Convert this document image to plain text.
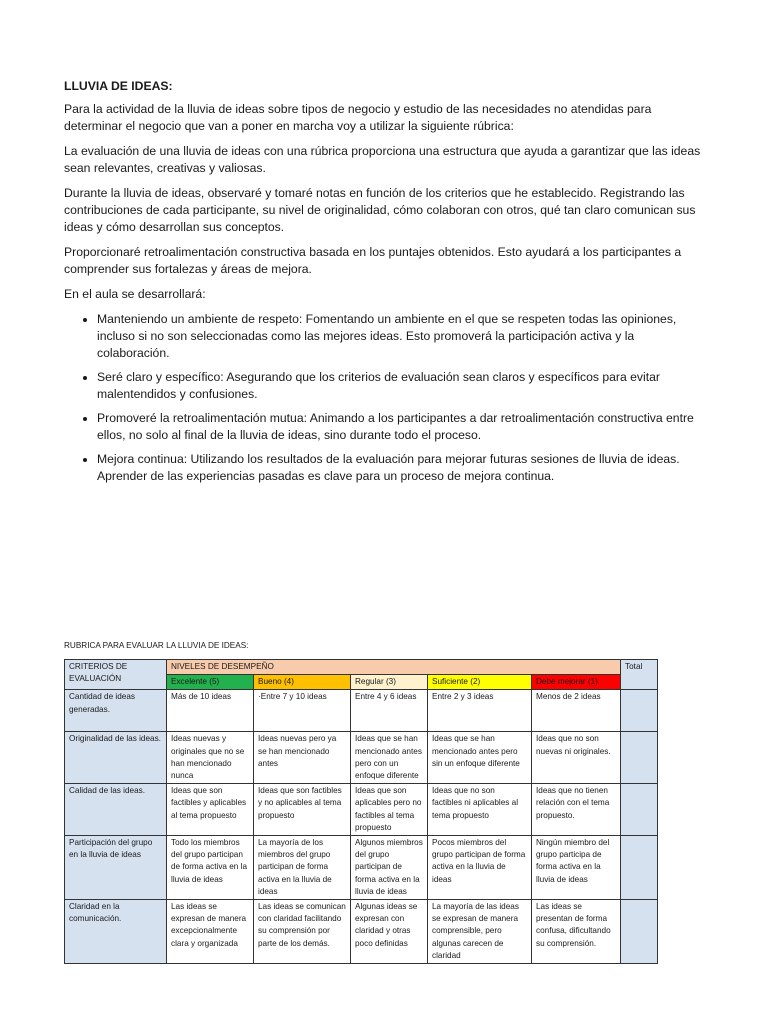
LLUVIA DE IDEAS:

Para la actividad de la lluvia de ideas sobre tipos de negocio y estudio de las necesidades no atendidas para determinar el negocio que van a poner en marcha voy a utilizar la siguiente rúbrica:

La evaluación de una lluvia de ideas con una rúbrica proporciona una estructura que ayuda a garantizar que las ideas sean relevantes, creativas y valiosas.

Durante la lluvia de ideas, observaré y tomaré notas en función de los criterios que he establecido. Registrando las contribuciones de cada participante, su nivel de originalidad, cómo colaboran con otros, qué tan claro comunican sus ideas y cómo desarrollan sus conceptos.

Proporcionaré retroalimentación constructiva basada en los puntajes obtenidos. Esto ayudará a los participantes a comprender sus fortalezas y áreas de mejora.

En el aula se desarrollará:

• Manteniendo un ambiente de respeto: Fomentando un ambiente en el que se respeten todas las opiniones, incluso si no son seleccionadas como las mejores ideas. Esto promoverá la participación activa y la colaboración.
• Seré claro y específico: Asegurando que los criterios de evaluación sean claros y específicos para evitar malentendidos y confusiones.
• Promoveré la retroalimentación mutua: Animando a los participantes a dar retroalimentación constructiva entre ellos, no solo al final de la lluvia de ideas, sino durante todo el proceso.
• Mejora continua: Utilizando los resultados de la evaluación para mejorar futuras sesiones de lluvia de ideas. Aprender de las experiencias pasadas es clave para un proceso de mejora continua.
RUBRICA PARA EVALUAR LA LLUVIA DE IDEAS:
CRITERIOS DE EVALUACIÓN	NIVELES DE DESEMPEÑO					Total
	Excelente (5)	Bueno (4)	Regular (3)	Suficiente (2)	Debe mejorar (1)	
Cantidad de ideas generadas.	Más de 10 ideas	·Entre 7 y 10 ideas	Entre 4 y 6 ideas	Entre 2 y 3 ideas	Menos de 2 ideas	
Originalidad de las ideas.	Ideas nuevas y originales que no se han mencionado nunca	Ideas nuevas pero ya se han mencionado antes	Ideas que se han mencionado antes pero con un enfoque diferente	Ideas que se han mencionado antes pero sin un enfoque diferente	Ideas que no son nuevas ni originales.	
Calidad de las ideas.	Ideas que son factibles y aplicables al tema propuesto	Ideas que son factibles y no aplicables al tema propuesto	Ideas que son aplicables pero no factibles al tema propuesto	Ideas que no son factibles ni aplicables al tema propuesto	Ideas que no tienen relación con el tema propuesto.	
Participación del grupo en la lluvia de ideas	Todo los miembros del grupo participan de forma activa en la lluvia de ideas	La mayoría de los miembros del grupo participan de forma activa en la lluvia de ideas	Algunos miembros del grupo participan de forma activa en la lluvia de ideas	Pocos miembros del grupo participan de forma activa en la lluvia de ideas	Ningún miembro del grupo participa de forma activa en la lluvia de ideas	
Claridad en la comunicación.	Las ideas se expresan de manera excepcionalmente clara y organizada	Las ideas se comunican con claridad facilitando su comprensión por parte de los demás.	Algunas ideas se expresan con claridad y otras poco definidas	La mayoría de las ideas se expresan de manera comprensible, pero algunas carecen de claridad	Las ideas se presentan de forma confusa, dificultando su comprensión.	
